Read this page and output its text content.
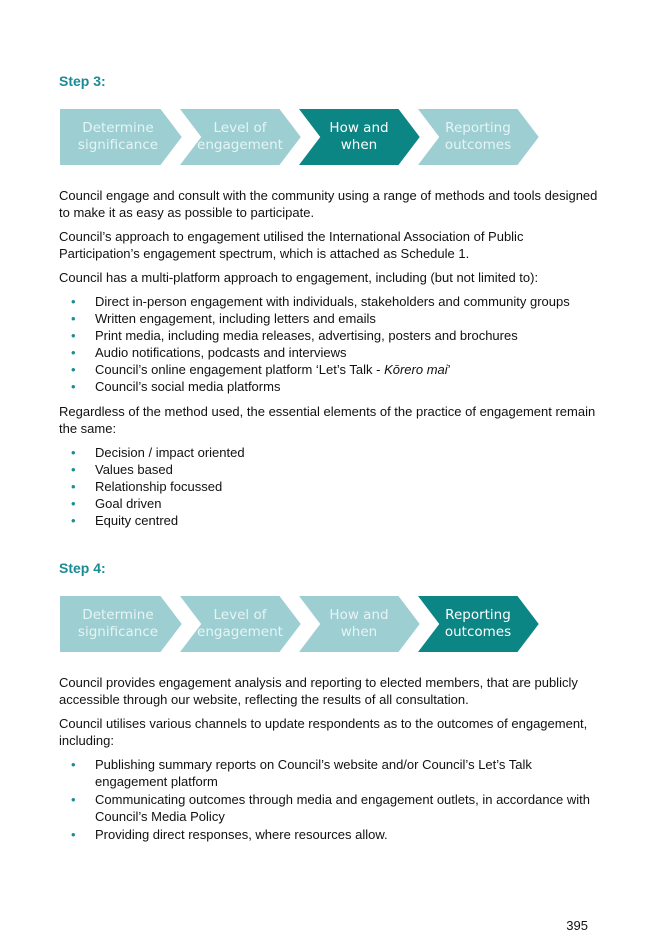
Step 3:
Determine
significance
Level of
engagement
How and
when
Reporting
outcomes

Council engage and consult with the community using a range of methods and tools designed to make it as easy as possible to participate.

Council’s approach to engagement utilised the International Association of Public Participation’s engagement spectrum, which is attached as Schedule 1.

Council has a multi-platform approach to engagement, including (but not limited to):

• Direct in-person engagement with individuals, stakeholders and community groups
• Written engagement, including letters and emails
• Print media, including media releases, advertising, posters and brochures
• Audio notifications, podcasts and interviews
• Council’s online engagement platform ‘Let’s Talk - Kōrero mai’
• Council’s social media platforms

Regardless of the method used, the essential elements of the practice of engagement remain the same:

• Decision / impact oriented
• Values based
• Relationship focussed
• Goal driven
• Equity centred
Step 4:
Determine
significance
Level of
engagement
How and
when
Reporting
outcomes

Council provides engagement analysis and reporting to elected members, that are publicly accessible through our website, reflecting the results of all consultation.

Council utilises various channels to update respondents as to the outcomes of engagement, including:

• Publishing summary reports on Council’s website and/or Council’s Let’s Talk engagement platform
• Communicating outcomes through media and engagement outlets, in accordance with Council’s Media Policy
• Providing direct responses, where resources allow.
395
